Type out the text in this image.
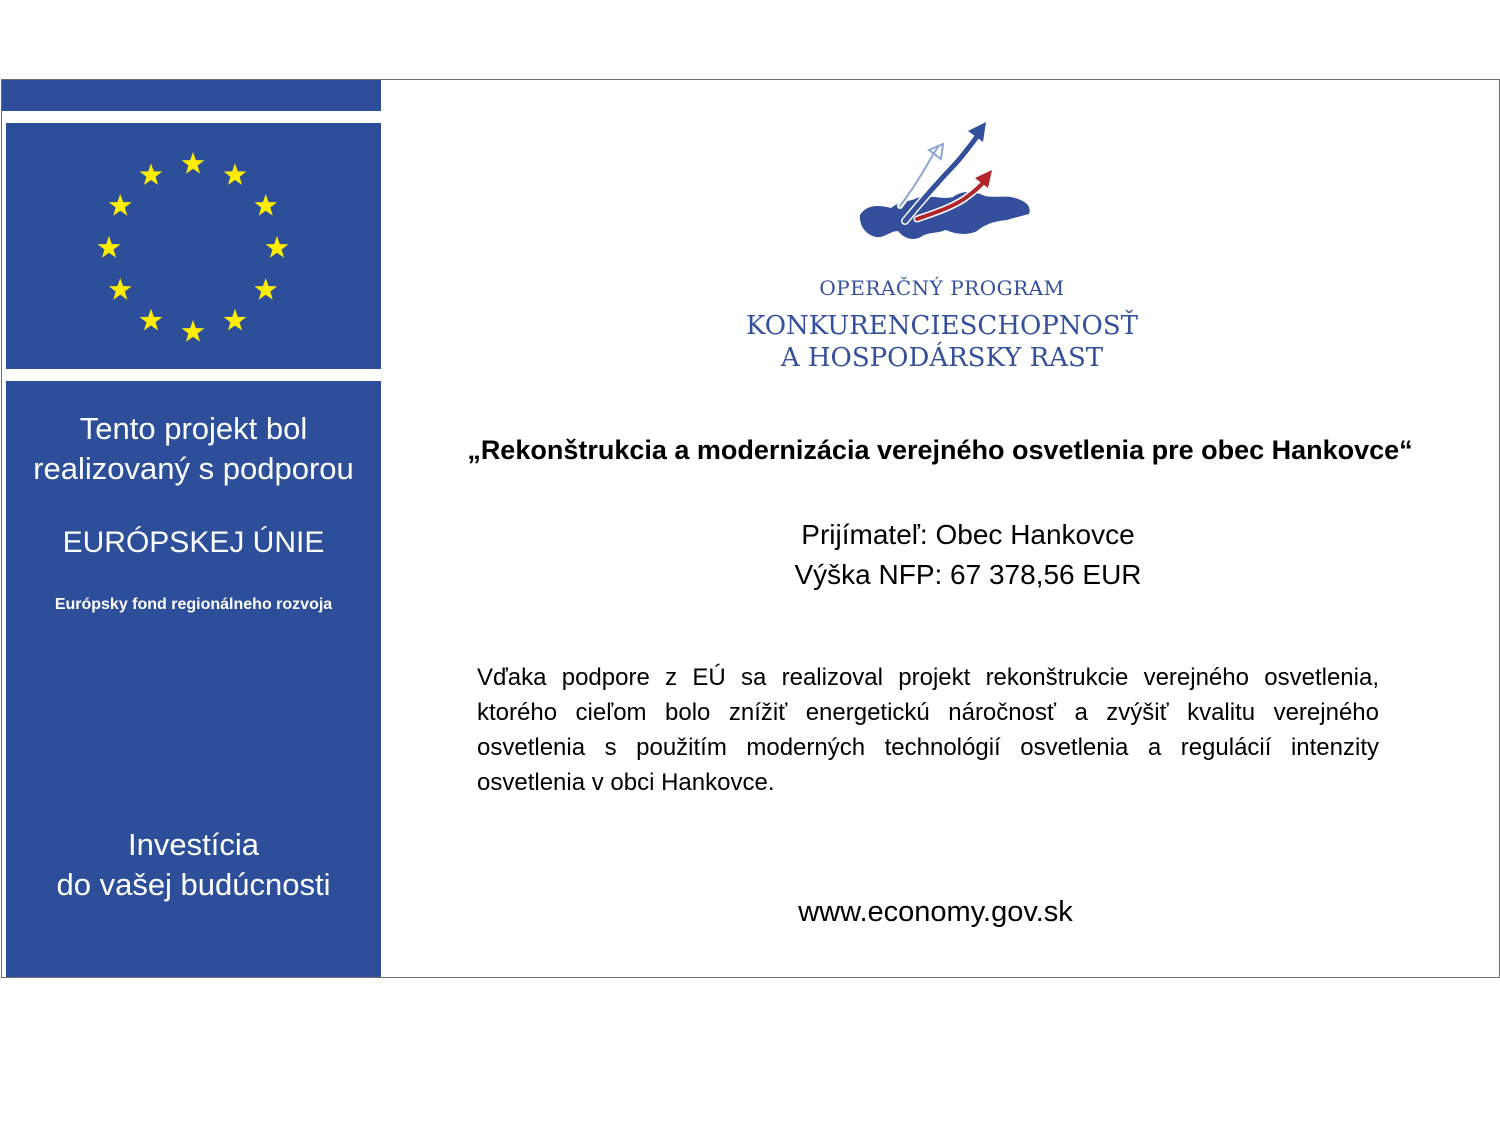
Tento projekt bol
realizovaný s podporou
EURÓPSKEJ ÚNIE
Európsky fond regionálneho rozvoja
Investícia
do vašej budúcnosti
OPERAČNÝ PROGRAM
KONKURENCIESCHOPNOSŤ
A HOSPODÁRSKY RAST
„Rekonštrukcia a modernizácia verejného osvetlenia pre obec Hankovce“
Prijímateľ: Obec Hankovce
Výška NFP: 67 378,56 EUR
Vďaka podpore z EÚ sa realizoval projekt rekonštrukcie verejného osvetlenia, ktorého cieľom bolo znížiť energetickú náročnosť a zvýšiť kvalitu verejného osvetlenia s použitím moderných technológií osvetlenia a regulácií intenzity osvetlenia v obci Hankovce.
www.economy.gov.sk
